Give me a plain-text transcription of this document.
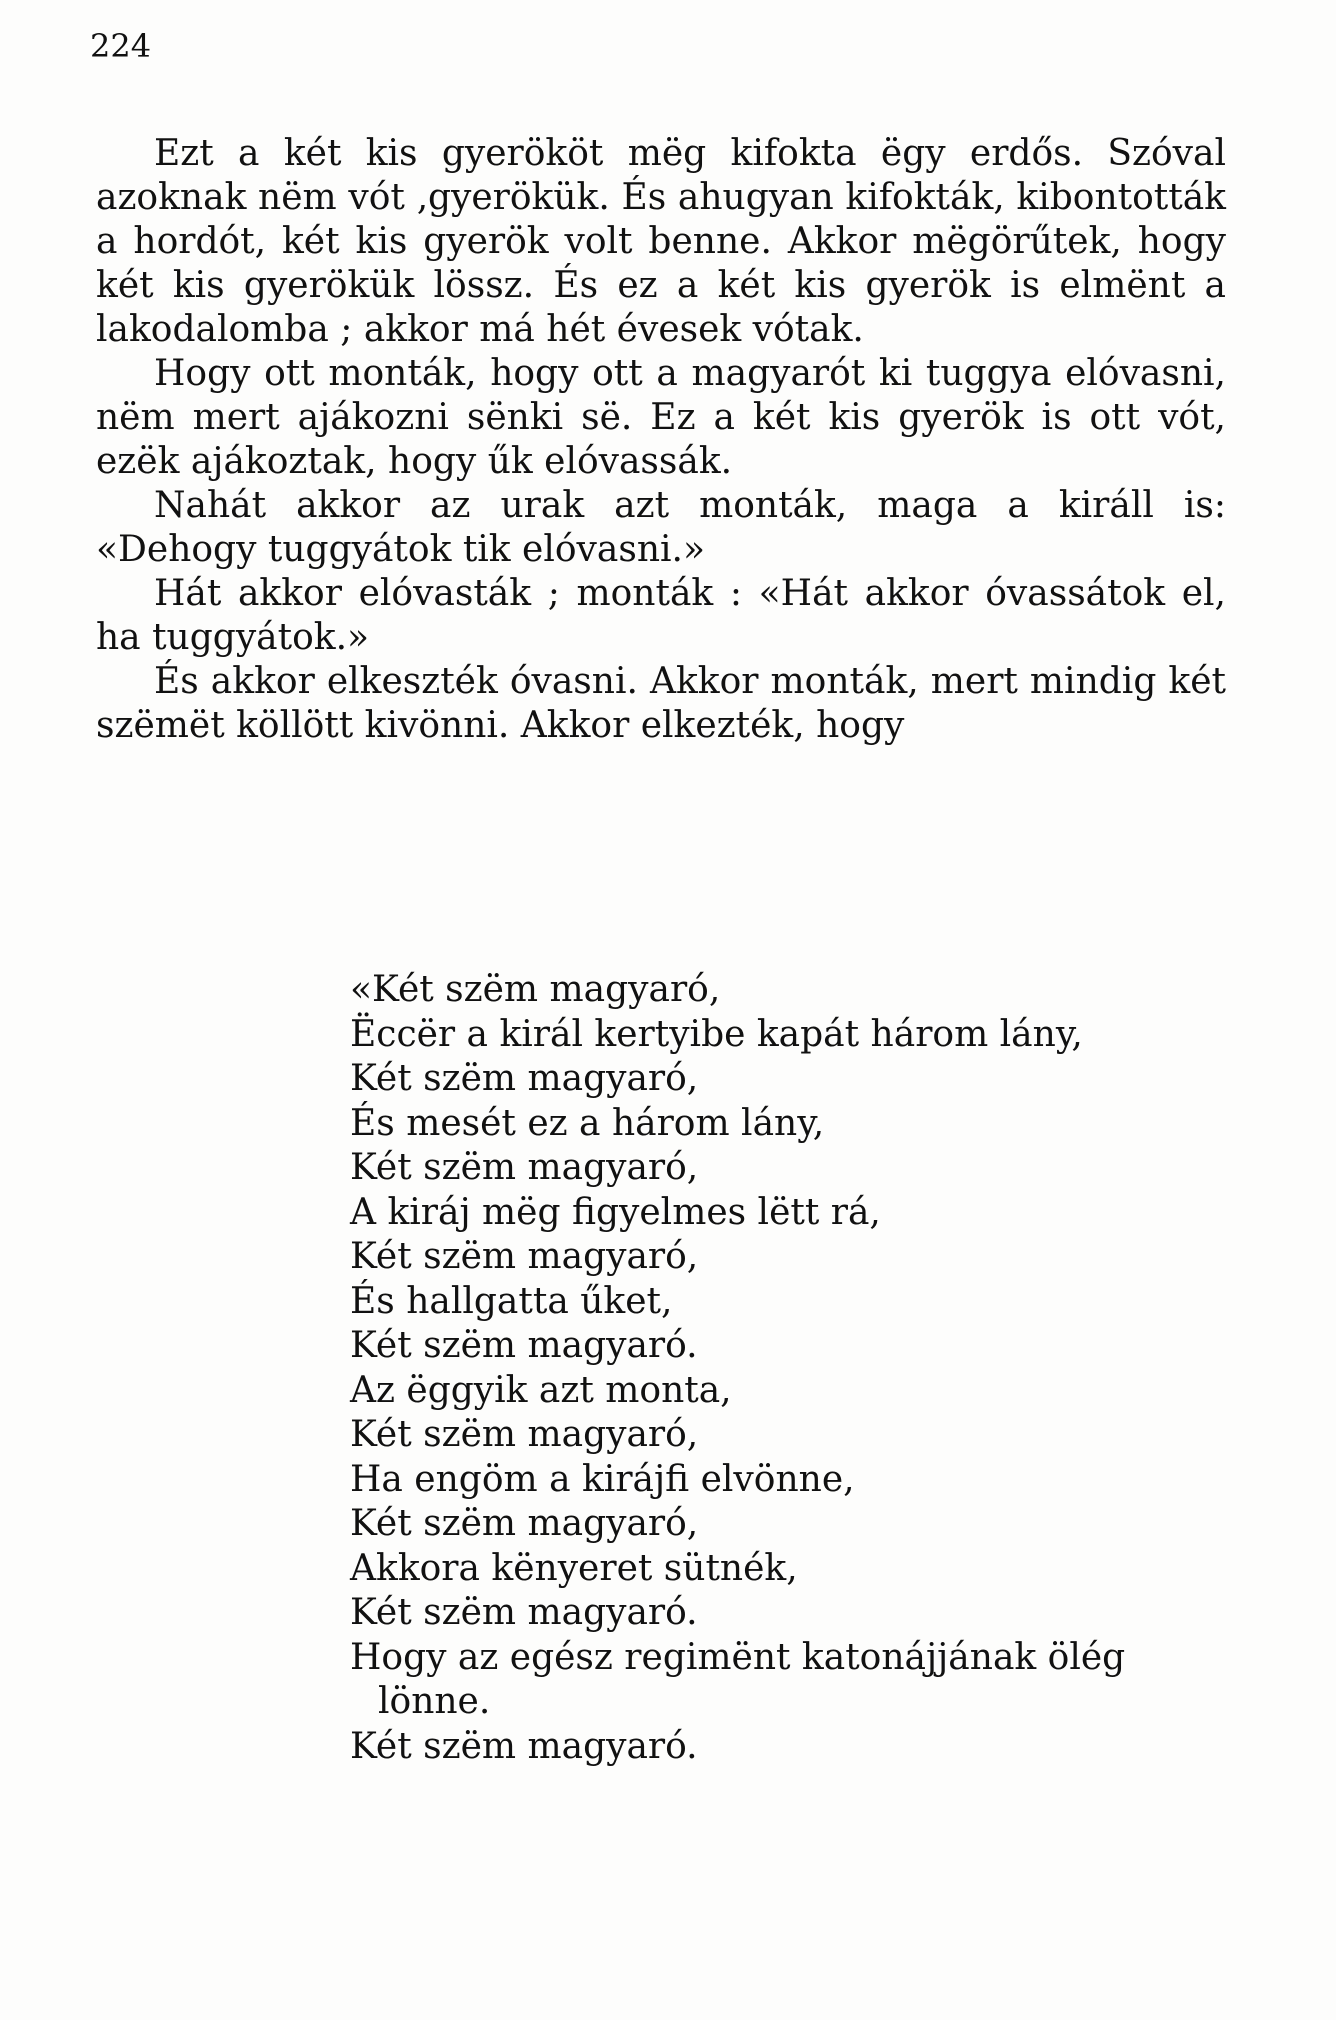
224

Ezt a két kis gyerököt mëg kifokta ëgy erdős. Szóval azoknak nëm vót ‚gyerökük. És ahugyan kifokták, kibontották a hordót, két kis gyerök volt benne. Akkor mëgörűtek, hogy két kis gyerökük lössz. És ez a két kis gyerök is elmënt a lakodalomba ; akkor má hét évesek vótak.

Hogy ott monták, hogy ott a magyarót ki tuggya elóvasni, nëm mert ajákozni sënki së. Ez a két kis gyerök is ott vót, ezëk ajákoztak, hogy űk elóvassák.

Nahát akkor az urak azt monták, maga a királl is: «Dehogy tuggyátok tik elóvasni.»

Hát akkor elóvasták ; monták : «Hát akkor óvassátok el, ha tuggyátok.»

És akkor elkeszték óvasni. Akkor monták, mert mindig két szëmët köllött kivönni. Akkor elkezték, hogy

«Két szëm magyaró,
Ëccër a királ kertyibe kapát három lány,
Két szëm magyaró,
És mesét ez a három lány,
Két szëm magyaró,
A kiráj mëg figyelmes lëtt rá,
Két szëm magyaró,
És hallgatta űket,
Két szëm magyaró.
Az ëggyik azt monta,
Két szëm magyaró,
Ha engöm a kirájfi elvönne,
Két szëm magyaró,
Akkora kënyeret sütnék,
Két szëm magyaró.
Hogy az egész regimënt katonájjának ölég
lönne.
Két szëm magyaró.
